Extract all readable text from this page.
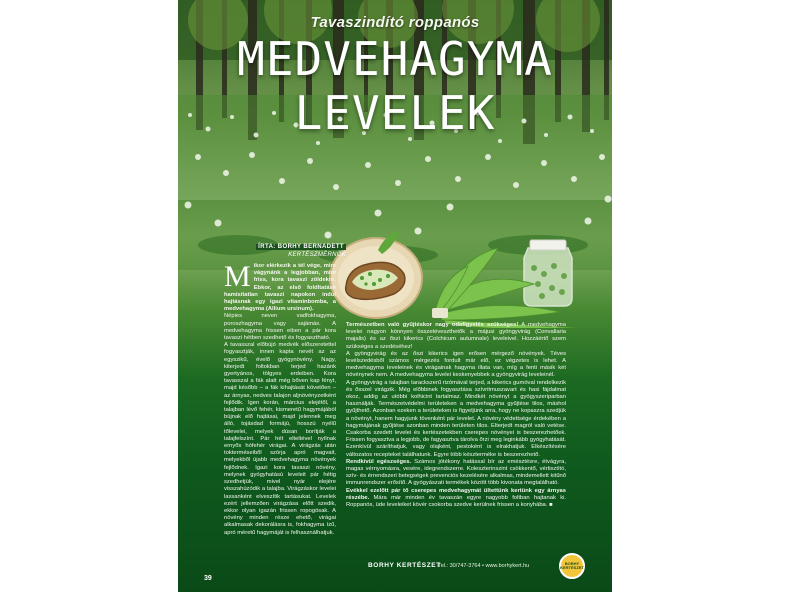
Tavaszindító roppanós
MEDVEHAGYMA LEVELEK
ÍRTA: BORHY BERNADETT
KERTÉSZMÉRNÖK
M ikor elérkezik a tél vége, mire vágynánk a legjobban, mint friss, kora tavaszi zöldekre. Ebkor, az első foldltatásé hamísítatlan tavaszi napokon indul hajtásnak egy igazi vitaminbomba, a medvehagyma (Allium ursinum).

Népies neven vadfokhagyma, poroszhagyma vagy sajámás. A medvehagyma frissen eiben a pár kora tavaszi hétben szedhető és fogyasztható.

A tavasszal előbújó medvék előszeretettel fogyasztják, innen kapta nevét az az egyszikű, évelő gyógynövény. Nagy, kiterjedt foltokban terjed hazánk gyertyános, tölgyes erdeiben. Kora tavasszal a fák alatt még bőven kap fényt, majd később – a fák kihajtását követően – az árnyas, nedves talajon aljnövényzetként fejlődik. Igen korán, március elejétől, a talajban lévő fehér, kismeretű hagymájából bújnak elő hajtásai, majd jelennek meg álló, tojásdad formájú, hosszú nyélű tőlevelei, melyek dúsan borítják a talajfelszínt. Pár hét elteltével nyílnak ernyős hófehér virágai. A virágzás után tokterméseiből szórja apró magvait, melyekből újabb medvehagyma növények fejlődnek. Igazi kora tavaszi növény, melynek gyógyhatású leveleit pár hétig szedhetjük, mivel nyár elejére visszahúzódik a talajba. Virágzáskor levelei lassanként elveszítik tartásukat. Levelek ezért jellemzően virágzása előtt szedik, ekkor olyan igazán frissen ropogósak. A növény minden része ehető, virágai alkalmasak dekorálásra is, fokhagyma ízű, apró méretű hagymáját is felhasználhatjuk.

Természetben való gyűjtéskor nagy odafigyelés szükséges! A medvehagyma levelei nagyon könnyen összetéveszthetők a májusi gyöngyvirág (Convallaria majalis) és az őszi kikerics (Colchicum autumnale) leveleivel. Hozzáértő szem szükséges a szedéséhez!

A gyöngyvirág és az őszi kikerics igen erősen mérgező növények. Téves levélszedésből számos mérgezés fordult már elő, ez végzetes is lehet. A medvehagyma leveleinek és virágainak hagyma illata van, míg a fenti másik két növénynek nem. A medvehagyma levelei keskenyebbek a gyöngyvirág leveleinél.

A gyöngyvirág a talajban tarackszerű rizómával terjed, a kikerics gumóval rendelkezik és ősszel virágzik. Még előbbinek fogyasztása szívritmuszavart és hasi fájdalmat okoz, addig az utóbbi kolhicint tartalmaz. Mindkét növényt a gyógyszeriparban használják. Természetvédelmi területeken a medvehagyma gyűjtése tilos, máshol gyűjthető. Azonban ezeken a területeken is figyeljünk arra, hogy ne kopaszra szedjük a növényt, hanem hagyjunk tövenként pár levelet. A növény védettsége érdekében a hagymájának gyűjtése azonban minden területen tilos. Elterjedt magról való vetése. Csakorba szedett levelei és kertészetekben cserepes növényei is beszerezhetőek. Frissen fogyasztva a legjobb, de fagyasztva tárolva őrzi meg leginkább gyógyhatását. Ezenkívül száríthatjuk, vagy olajként, pestoként is elrakhatjuk. Elkészítésére változatos recepteket találhatunk. Egyre több készterméke is beszerezhető.

Rendkívül egészséges. Számos jótékony hatással bír az emésztésre, étvágyra, magas vérnyomásra, vesére, idegrendszerre. Koleszterinszint csökkentő, vértisztító, szív- és érrendszeri betegségek prevenciós kezelésére alkalmas, mindemellett kitűnő immunrendszer erősítő. A gyógyászati termékek között több kivonata megtalálható.

Evékkel ezelőtt pár tő cserepes medvehagymát ültettünk kertünk egy árnyas részébe. Mára már minden év tavaszán egyre nagyobb foltban hajtanak ki. Roppanós, üde leveleiket kövér csokorba szedve kerülnek frissen a konyhába. ■

BORHY KERTÉSZET
Tel.: 30/747-3764 • www.borhykert.hu	BORHY KERTÉSZET
39
